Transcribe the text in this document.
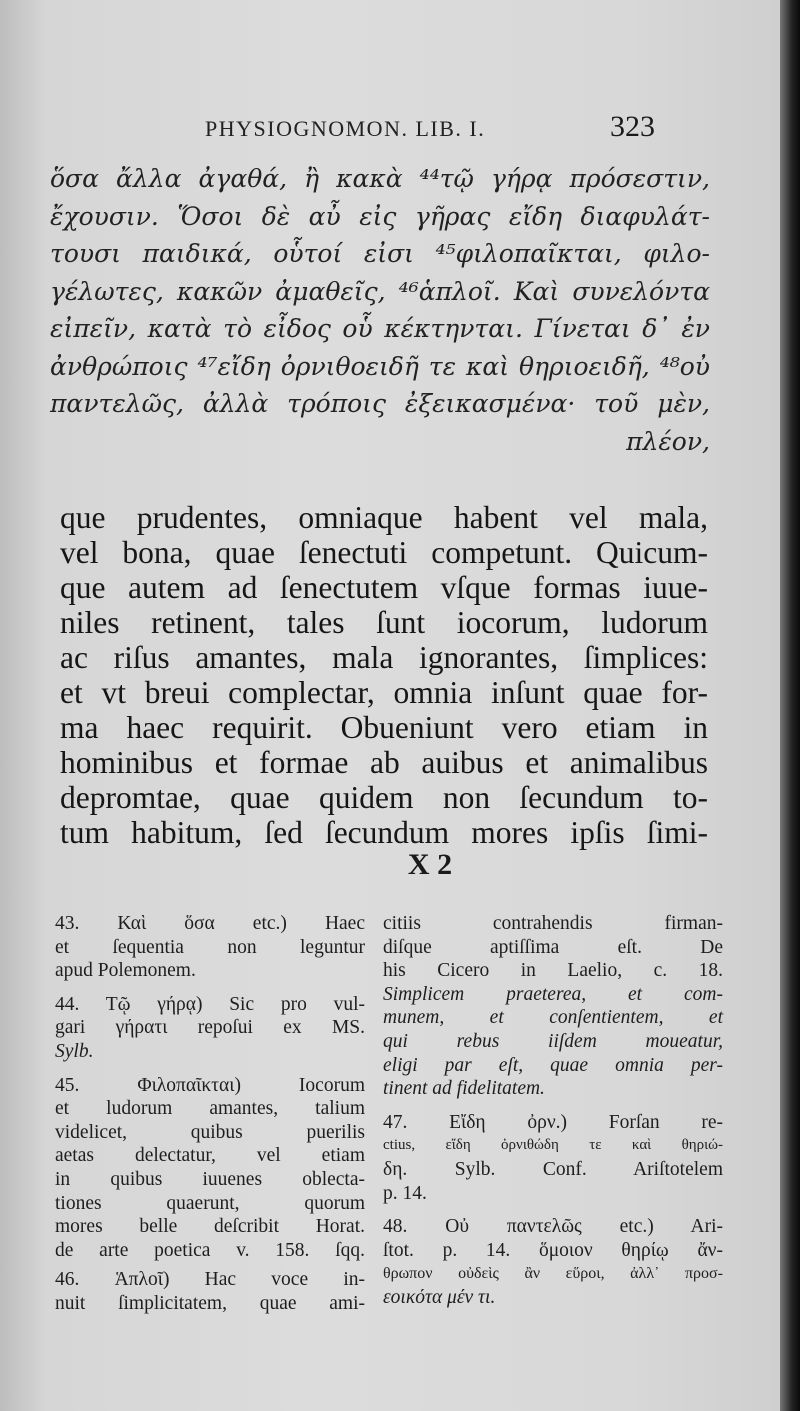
PHYSIOGNOMON. LIB. I.	323
ὅσα ἄλλα ἀγαθά, ἢ κακὰ ⁴⁴τῷ γήρᾳ πρόσεστιν,
ἔχουσιν. Ὅσοι δὲ αὖ εἰς γῆρας εἴδη διαφυλάτ-
τουσι παιδικά, οὗτοί εἰσι ⁴⁵φιλοπαῖκται, φιλο-
γέλωτες, κακῶν ἀμαθεῖς, ⁴⁶ἁπλοῖ. Καὶ συνελόντα
εἰπεῖν, κατὰ τὸ εἶδος οὗ κέκτηνται. Γίνεται δ᾽ ἐν
ἀνθρώποις ⁴⁷εἴδη ὀρνιθοειδῆ τε καὶ θηριοειδῆ, ⁴⁸οὐ
παντελῶς, ἀλλὰ τρόποις ἐξεικασμένα· τοῦ μὲν,
πλέον,
que prudentes, omniaque habent vel mala,
vel bona, quae ſenectuti competunt. Quicum-
que autem ad ſenectutem vſque formas iuue-
niles retinent, tales ſunt iocorum, ludorum
ac riſus amantes, mala ignorantes, ſimplices:
et vt breui complectar, omnia inſunt quae for-
ma haec requirit. Obueniunt vero etiam in
hominibus et formae ab auibus et animalibus
depromtae, quae quidem non ſecundum to-
tum habitum, ſed ſecundum mores ipſis ſimi-
X 2
43. Καὶ ὅσα etc.) Haec
et ſequentia non leguntur
apud Polemonem.
44. Τῷ γήρᾳ) Sic pro vul-
gari γήρατι repoſui ex MS.
Sylb.
45. Φιλοπαῖκται) Iocorum
et ludorum amantes, talium
videlicet, quibus puerilis
aetas delectatur, vel etiam
in quibus iuuenes oblecta-
tiones quaerunt, quorum
mores belle deſcribit Horat.
de arte poetica v. 158. ſqq.
46. Ἁπλοῖ) Hac voce in-
nuit ſimplicitatem, quae ami-
citiis contrahendis firman-
diſque aptiſſima eſt. De
his Cicero in Laelio, c. 18.
Simplicem praeterea, et com-
munem, et conſentientem, et
qui rebus iiſdem moueatur,
eligi par eſt, quae omnia per-
tinent ad fidelitatem.
47. Εἴδη ὀρν.) Forſan re-
ctius, εἴδη ὀρνιθώδη τε καὶ θηριώ-
δη. Sylb. Conf. Ariſtotelem
p. 14.
48. Οὐ παντελῶς etc.) Ari-
ſtot. p. 14. ὅμοιον θηρίῳ ἄν-
θρωπον οὐδεὶς ἂν εὕροι, ἀλλ᾽ προσ-
εοικότα μέν τι.
